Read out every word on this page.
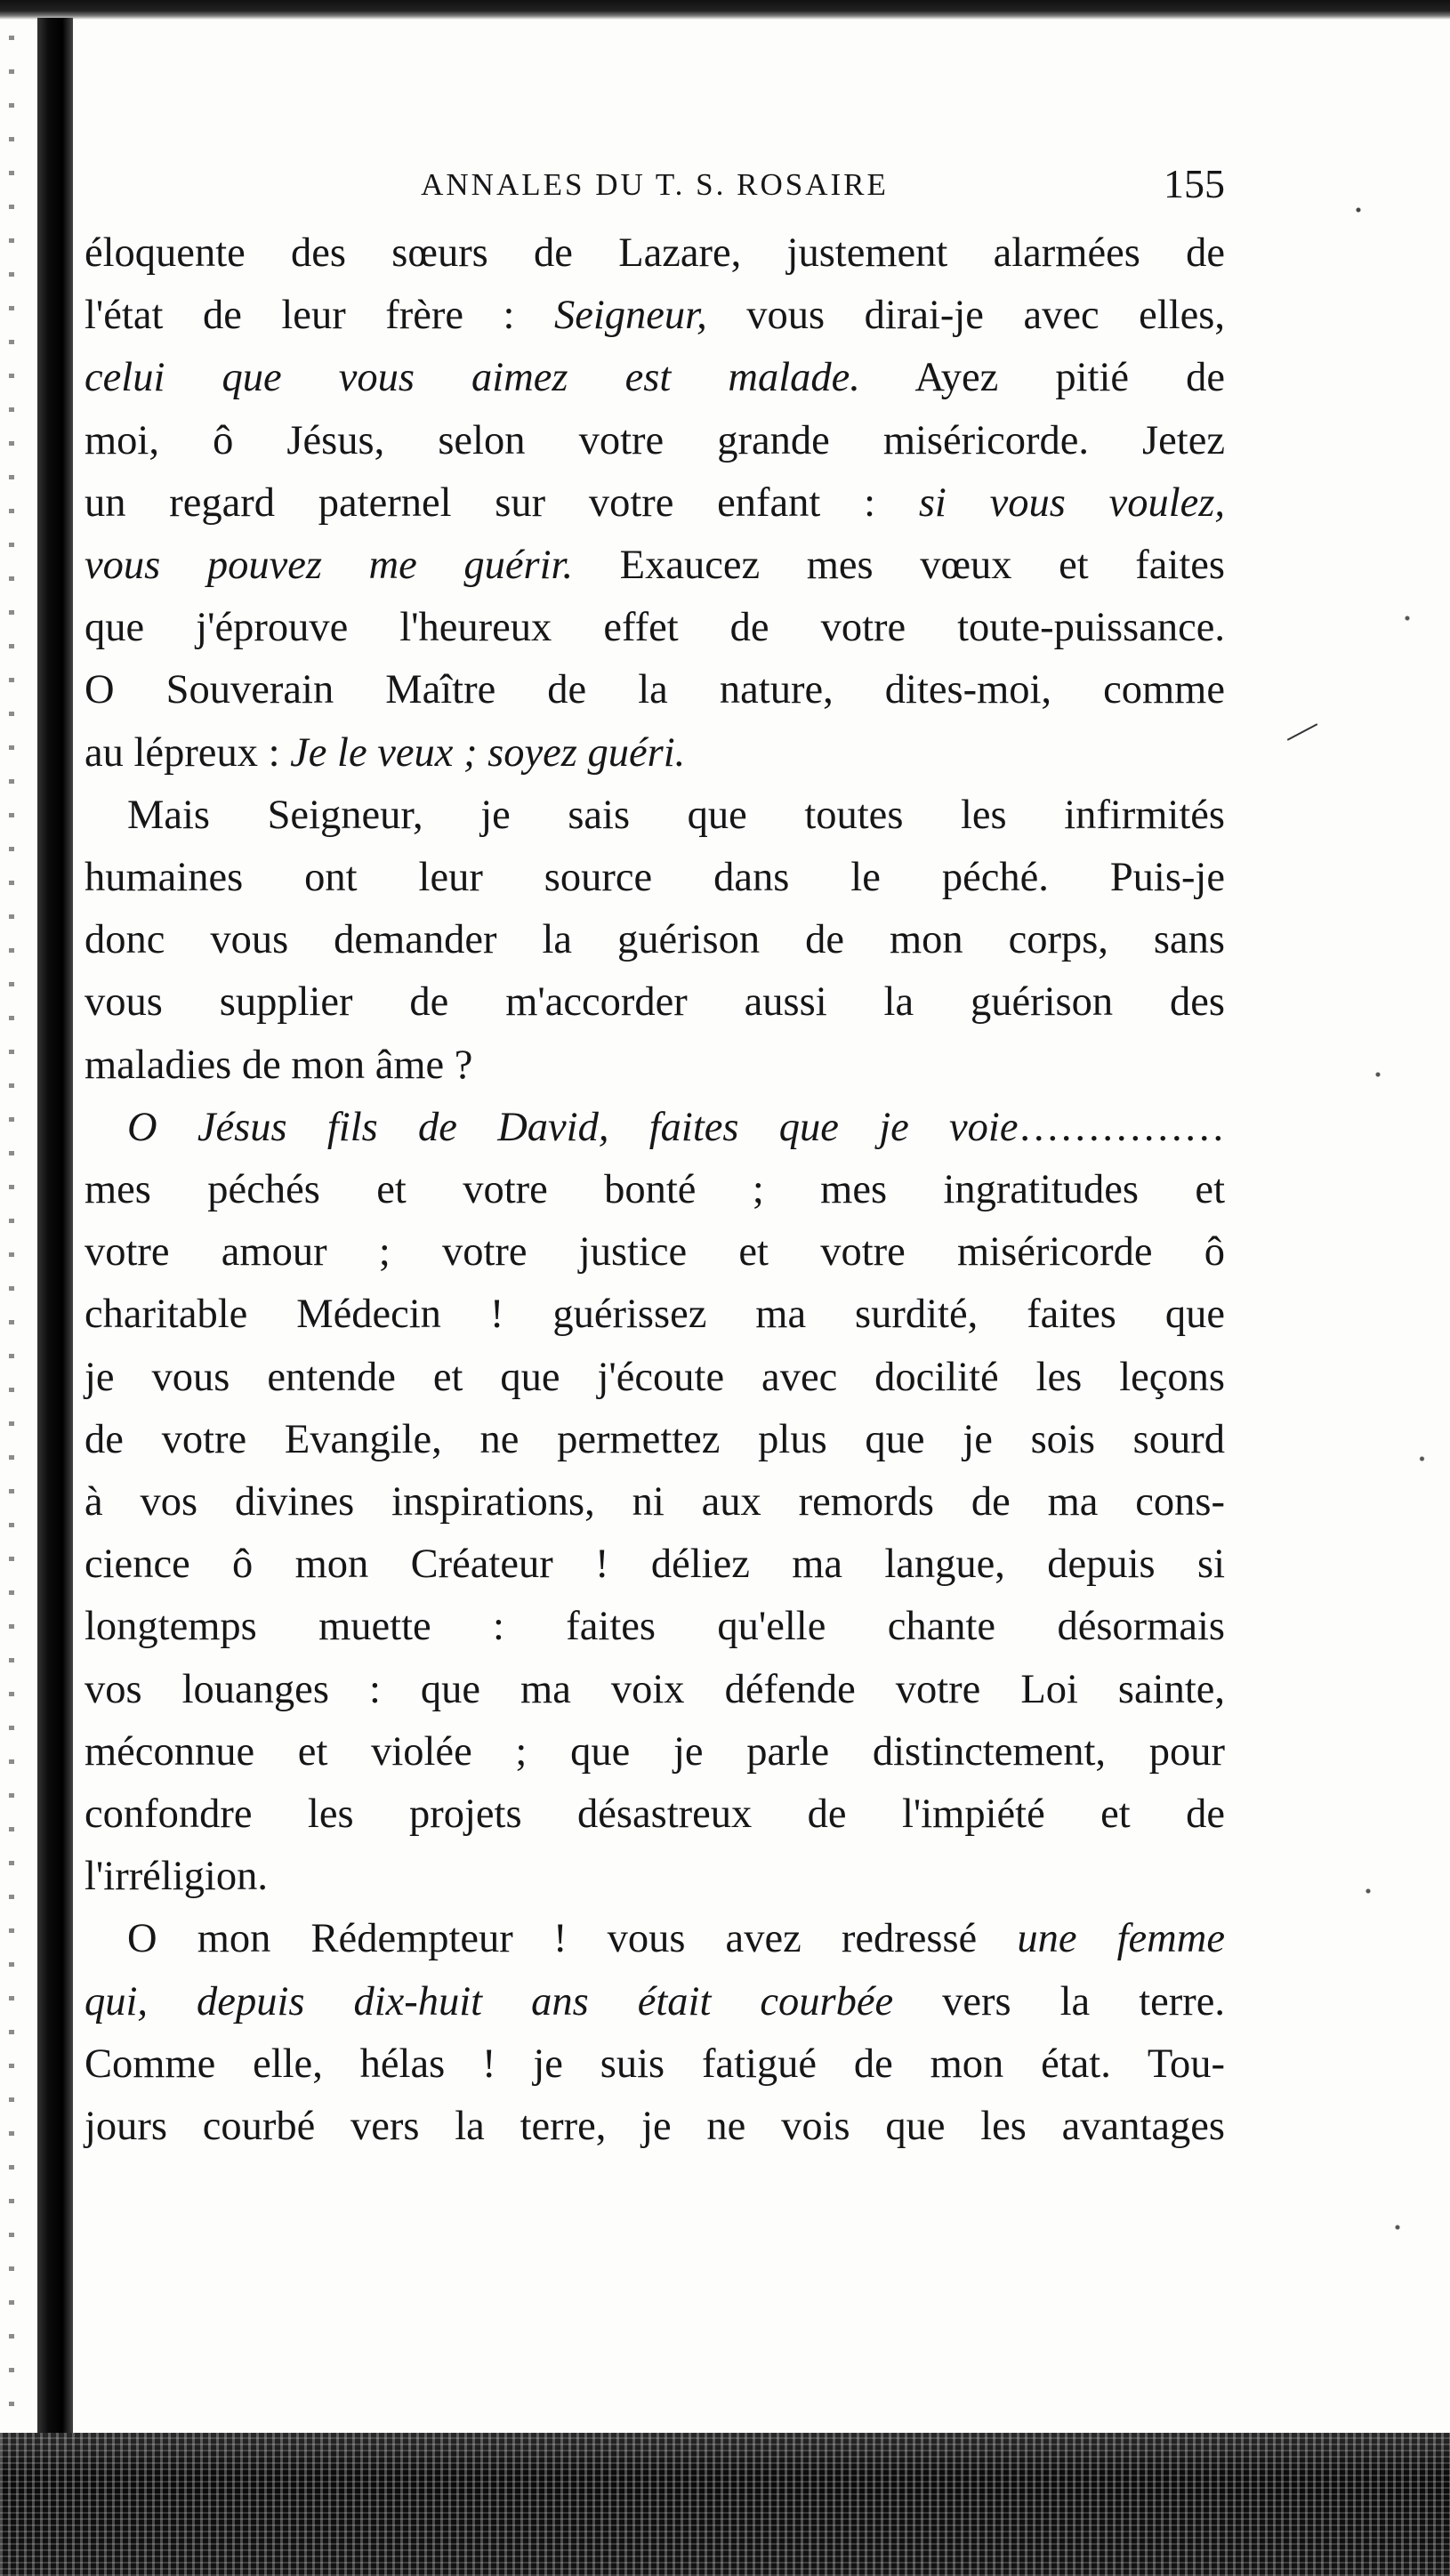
ANNALES DU T. S. ROSAIRE	155

éloquente des sœurs de Lazare, justement alarmées de
l'état de leur frère : Seigneur, vous dirai-je avec elles,
celui que vous aimez est malade. Ayez pitié de
moi, ô Jésus, selon votre grande miséricorde. Jetez
un regard paternel sur votre enfant : si vous voulez,
vous pouvez me guérir. Exaucez mes vœux et faites
que j'éprouve l'heureux effet de votre toute-puissance.
O Souverain Maître de la nature, dites-moi, comme
au lépreux : Je le veux ; soyez guéri.

Mais Seigneur, je sais que toutes les infirmités
humaines ont leur source dans le péché. Puis-je
donc vous demander la guérison de mon corps, sans
vous supplier de m'accorder aussi la guérison des
maladies de mon âme ?

O Jésus fils de David, faites que je voie……………
mes péchés et votre bonté ; mes ingratitudes et
votre amour ; votre justice et votre miséricorde ô
charitable Médecin ! guérissez ma surdité, faites que
je vous entende et que j'écoute avec docilité les leçons
de votre Evangile, ne permettez plus que je sois sourd
à vos divines inspirations, ni aux remords de ma cons-
cience ô mon Créateur ! déliez ma langue, depuis si
longtemps muette : faites qu'elle chante désormais
vos louanges : que ma voix défende votre Loi sainte,
méconnue et violée ; que je parle distinctement, pour
confondre les projets désastreux de l'impiété et de
l'irréligion.

O mon Rédempteur ! vous avez redressé une femme
qui, depuis dix-huit ans était courbée vers la terre.
Comme elle, hélas ! je suis fatigué de mon état. Tou-
jours courbé vers la terre, je ne vois que les avantages
